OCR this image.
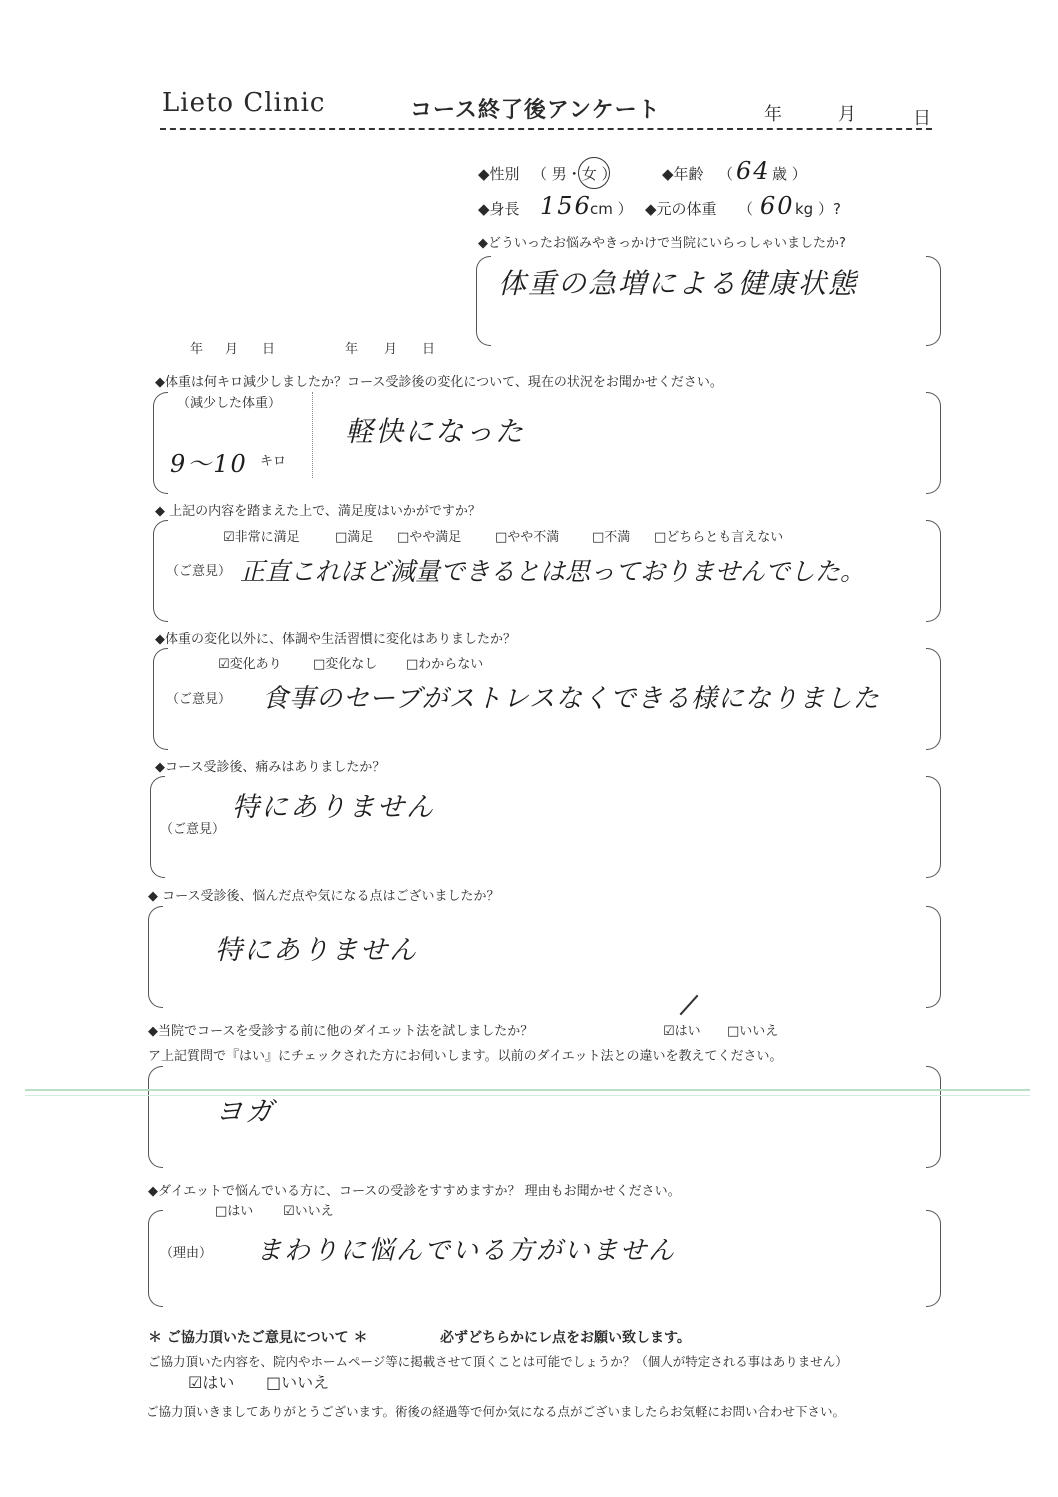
Lieto Clinic	コース終了後アンケート	年	月	日
◆性別 （ 男・女 ）	◆年齢 （ 64 歳 ）
◆身長 156
cm ） ◆元の体重 （ 60 kg ）?
◆どういったお悩みやきっかけで当院にいらっしゃいましたか?
体重の急増による健康状態
年 月 日	年 月 日
◆体重は何キロ減少しましたか？コース受診後の変化について、現在の状況をお聞かせください。
（減少した体重）
9〜10 キロ
軽快になった
◆ 上記の内容を踏まえた上で、満足度はいかがですか？
☑非常に満足	□満足 □やや満足	□やや不満	□不満 □どちらとも言えない
（ご意見） 正直これほど減量できるとは思っておりませんでした。
◆体重の変化以外に、体調や生活習慣に変化はありましたか？
☑変化あり □変化なし □わからない
（ご意見） 食事のセーブがストレスなくできる様になりました
◆コース受診後、痛みはありましたか？
特にありません
（ご意見）
◆ コース受診後、悩んだ点や気になる点はございましたか？
特にありません
◆当院でコースを受診する前に他のダイエット法を試しましたか？	☑はい □いいえ
ア上記質問で『はい』にチェックされた方にお伺いします。以前のダイエット法との違いを教えてください。
ヨガ
◆ダイエットで悩んでいる方に、コースの受診をすすめますか？ 理由もお聞かせください。
□はい ☑いいえ
（理由） まわりに悩んでいる方がいません
＊ ご協力頂いたご意見について ＊	必ずどちらかにレ点をお願い致します。
ご協力頂いた内容を、院内やホームページ等に掲載させて頂くことは可能でしょうか？（個人が特定される事はありません）
☑はい □いいえ
ご協力頂いきましてありがとうございます。術後の経過等で何か気になる点がございましたらお気軽にお問い合わせ下さい。
